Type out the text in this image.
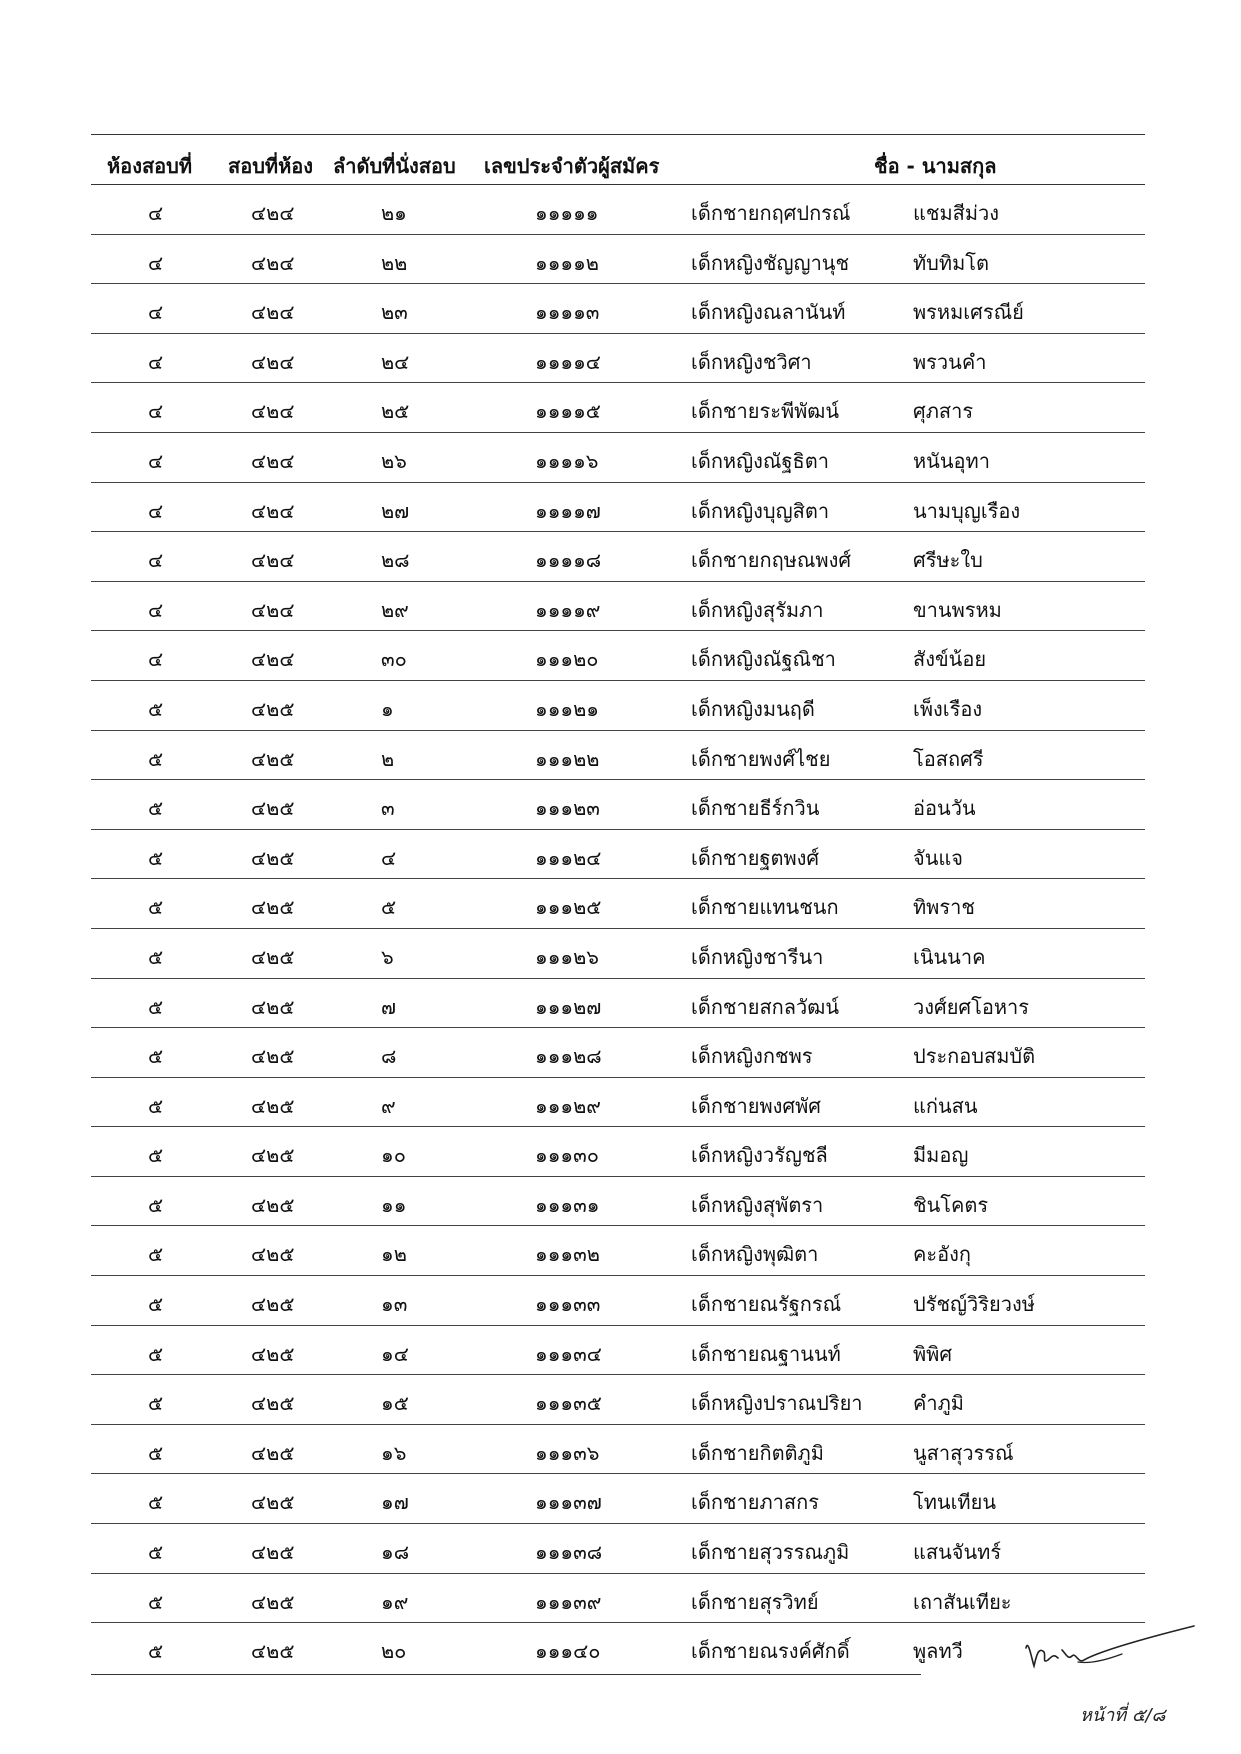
ห้องสอบที่ สอบที่ห้อง ลำดับที่นั่งสอบ เลขประจำตัวผู้สมัคร	ชื่อ - นามสกุล
๔	๔๒๔	๒๑	๑๑๑๑๑	เด็กชายกฤศปกรณ์	แชมสีม่วง
๔	๔๒๔	๒๒	๑๑๑๑๒	เด็กหญิงชัญญานุช	ทับทิมโต
๔	๔๒๔	๒๓	๑๑๑๑๓	เด็กหญิงณลานันท์	พรหมเศรณีย์
๔	๔๒๔	๒๔	๑๑๑๑๔	เด็กหญิงชวิศา	พรวนคำ
๔	๔๒๔	๒๕	๑๑๑๑๕	เด็กชายระพีพัฒน์	ศุภสาร
๔	๔๒๔	๒๖	๑๑๑๑๖	เด็กหญิงณัฐธิตา	หนันอุทา
๔	๔๒๔	๒๗	๑๑๑๑๗	เด็กหญิงบุญสิตา	นามบุญเรือง
๔	๔๒๔	๒๘	๑๑๑๑๘	เด็กชายกฤษณพงศ์	ศรีษะใบ
๔	๔๒๔	๒๙	๑๑๑๑๙	เด็กหญิงสุรัมภา	ขานพรหม
๔	๔๒๔	๓๐	๑๑๑๒๐	เด็กหญิงณัฐณิชา	สังข์น้อย
๕	๔๒๕	๑	๑๑๑๒๑	เด็กหญิงมนฤดี	เพ็งเรือง
๕	๔๒๕	๒	๑๑๑๒๒	เด็กชายพงศ์ไชย	โอสถศรี
๕	๔๒๕	๓	๑๑๑๒๓	เด็กชายธีร์กวิน	อ่อนวัน
๕	๔๒๕	๔	๑๑๑๒๔	เด็กชายฐตพงศ์	จันแจ
๕	๔๒๕	๕	๑๑๑๒๕	เด็กชายแทนชนก	ทิพราช
๕	๔๒๕	๖	๑๑๑๒๖	เด็กหญิงชารีนา	เนินนาค
๕	๔๒๕	๗	๑๑๑๒๗	เด็กชายสกลวัฒน์	วงศ์ยศโอหาร
๕	๔๒๕	๘	๑๑๑๒๘	เด็กหญิงกชพร	ประกอบสมบัติ
๕	๔๒๕	๙	๑๑๑๒๙	เด็กชายพงศพัศ	แก่นสน
๕	๔๒๕	๑๐	๑๑๑๓๐	เด็กหญิงวรัญชลี	มีมอญ
๕	๔๒๕	๑๑	๑๑๑๓๑	เด็กหญิงสุพัตรา	ชินโคตร
๕	๔๒๕	๑๒	๑๑๑๓๒	เด็กหญิงพุฒิตา	คะอังกุ
๕	๔๒๕	๑๓	๑๑๑๓๓	เด็กชายณรัฐกรณ์	ปรัชญ์วิริยวงษ์
๕	๔๒๕	๑๔	๑๑๑๓๔	เด็กชายณฐานนท์	พิพิศ
๕	๔๒๕	๑๕	๑๑๑๓๕	เด็กหญิงปราณปริยา	คำภูมิ
๕	๔๒๕	๑๖	๑๑๑๓๖	เด็กชายกิตติภูมิ	นูสาสุวรรณ์
๕	๔๒๕	๑๗	๑๑๑๓๗	เด็กชายภาสกร	โทนเทียน
๕	๔๒๕	๑๘	๑๑๑๓๘	เด็กชายสุวรรณภูมิ	แสนจันทร์
๕	๔๒๕	๑๙	๑๑๑๓๙	เด็กชายสุรวิทย์	เถาสันเทียะ
๕	๔๒๕	๒๐	๑๑๑๔๐	เด็กชายณรงค์ศักดิ์	พูลทวี
หน้าที่ ๕/๘
